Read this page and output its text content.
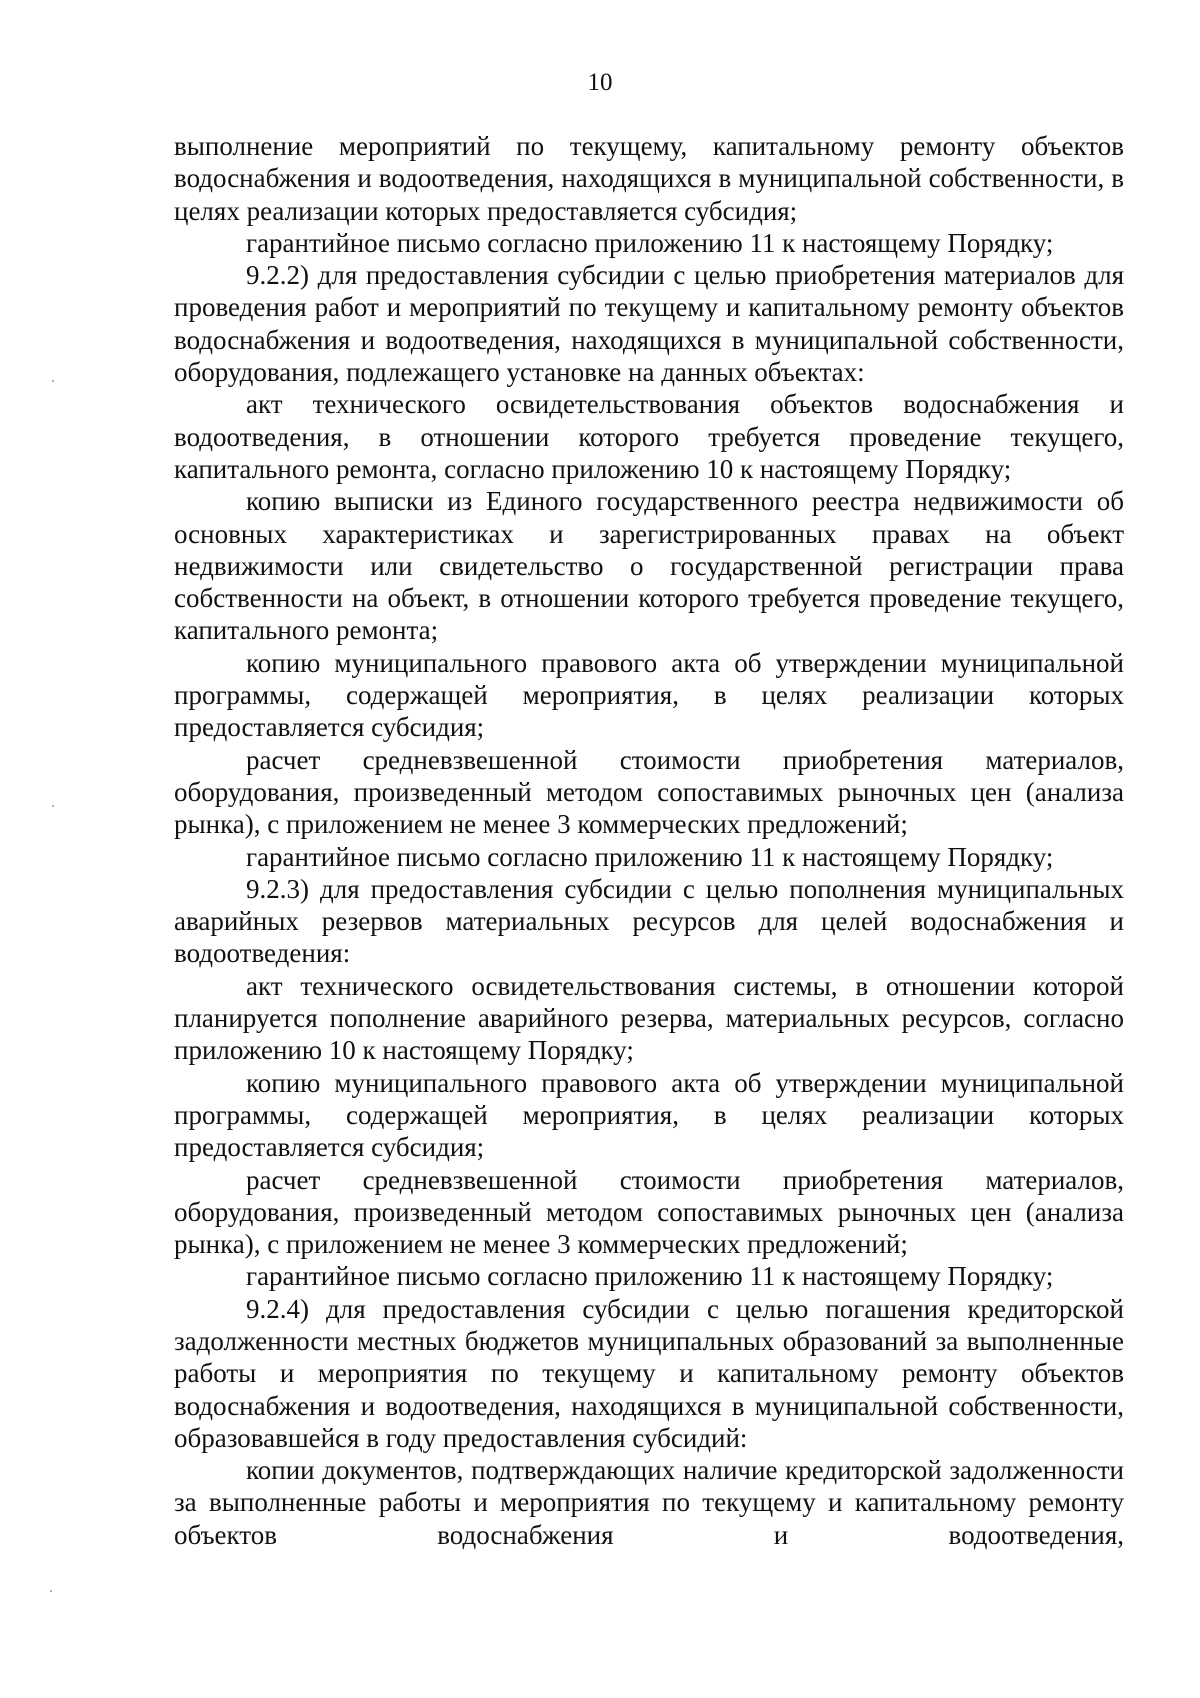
10

выполнение мероприятий по текущему, капитальному ремонту объектов водоснабжения и водоотведения, находящихся в муниципальной собственности, в целях реализации которых предоставляется субсидия;

гарантийное письмо согласно приложению 11 к настоящему Порядку;

9.2.2) для предоставления субсидии с целью приобретения материалов для проведения работ и мероприятий по текущему и капитальному ремонту объектов водоснабжения и водоотведения, находящихся в муниципальной собственности, оборудования, подлежащего установке на данных объектах:

акт технического освидетельствования объектов водоснабжения и водоотведения, в отношении которого требуется проведение текущего, капитального ремонта, согласно приложению 10 к настоящему Порядку;

копию выписки из Единого государственного реестра недвижимости об основных характеристиках и зарегистрированных правах на объект недвижимости или свидетельство о государственной регистрации права собственности на объект, в отношении которого требуется проведение текущего, капитального ремонта;

копию муниципального правового акта об утверждении муниципальной программы, содержащей мероприятия, в целях реализации которых предоставляется субсидия;

расчет средневзвешенной стоимости приобретения материалов, оборудования, произведенный методом сопоставимых рыночных цен (анализа рынка), с приложением не менее 3 коммерческих предложений;

гарантийное письмо согласно приложению 11 к настоящему Порядку;

9.2.3) для предоставления субсидии с целью пополнения муниципальных аварийных резервов материальных ресурсов для целей водоснабжения и водоотведения:

акт технического освидетельствования системы, в отношении которой планируется пополнение аварийного резерва, материальных ресурсов, согласно приложению 10 к настоящему Порядку;

копию муниципального правового акта об утверждении муниципальной программы, содержащей мероприятия, в целях реализации которых предоставляется субсидия;

расчет средневзвешенной стоимости приобретения материалов, оборудования, произведенный методом сопоставимых рыночных цен (анализа рынка), с приложением не менее 3 коммерческих предложений;

гарантийное письмо согласно приложению 11 к настоящему Порядку;

9.2.4) для предоставления субсидии с целью погашения кредиторской задолженности местных бюджетов муниципальных образований за выполненные работы и мероприятия по текущему и капитальному ремонту объектов водоснабжения и водоотведения, находящихся в муниципальной собственности, образовавшейся в году предоставления субсидий:

копии документов, подтверждающих наличие кредиторской задолженности за выполненные работы и мероприятия по текущему и капитальному ремонту объектов водоснабжения и водоотведения,
